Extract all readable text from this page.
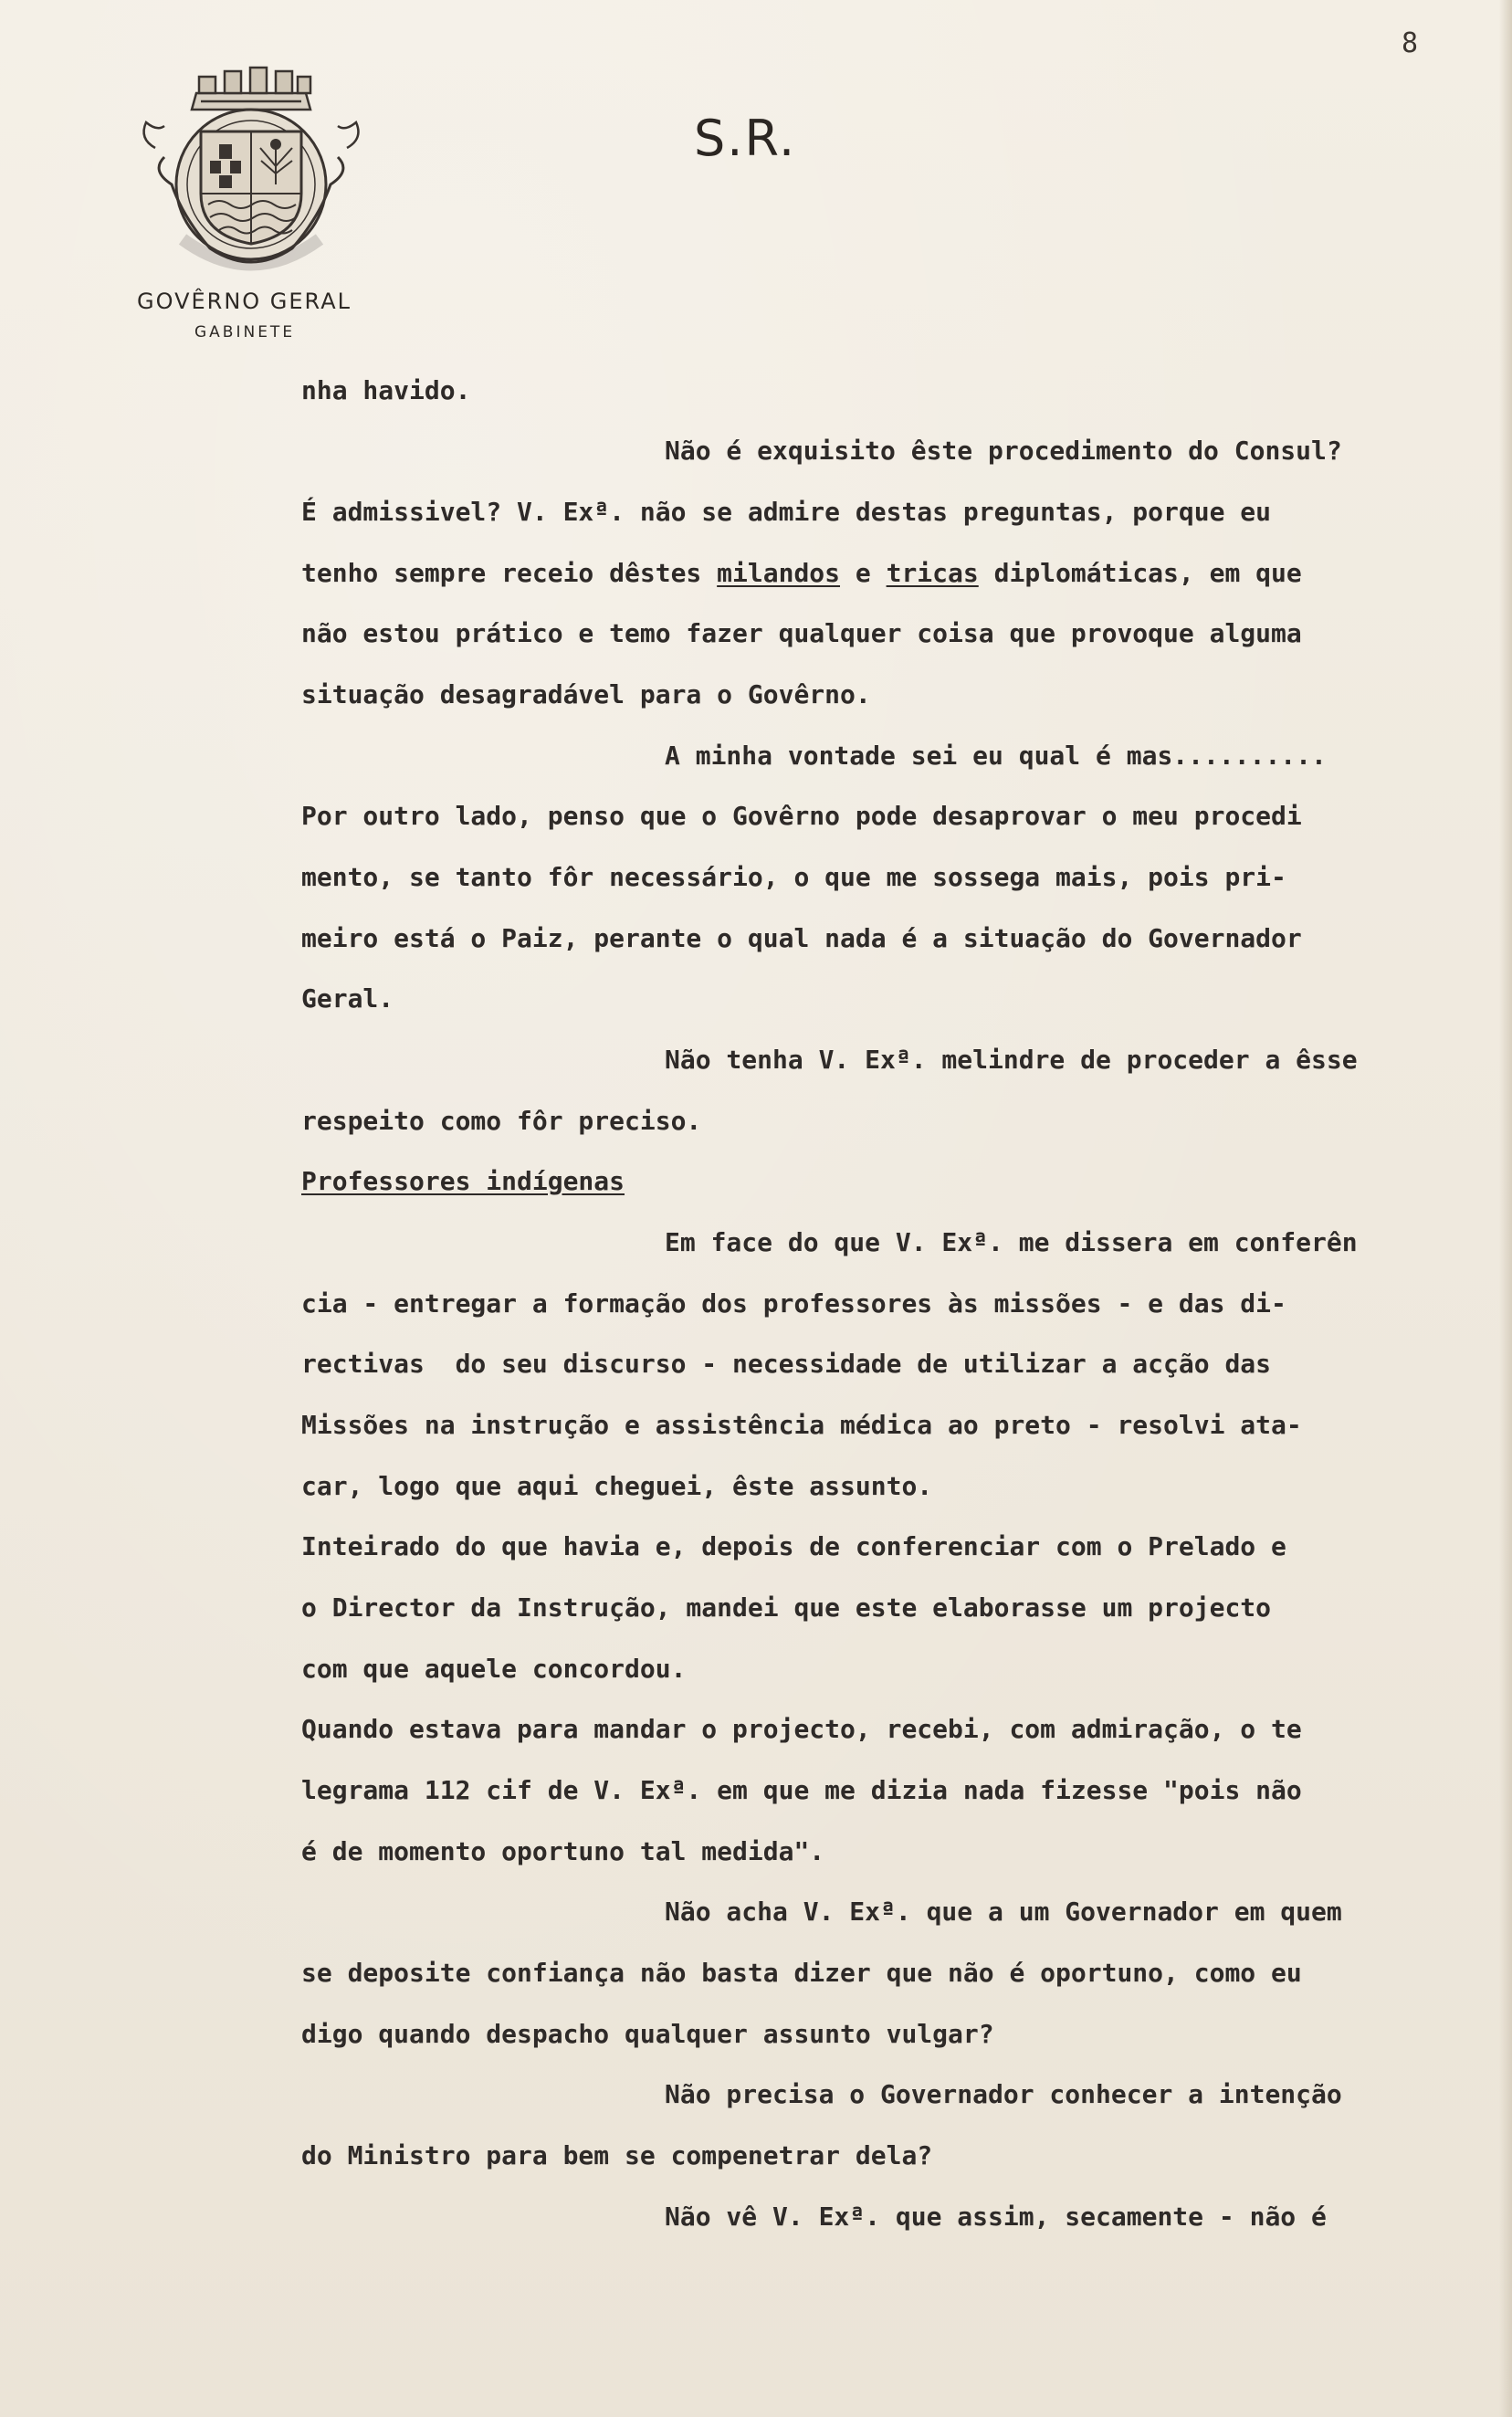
8
S.R.
GOVÊRNO GERAL
GABINETE
nha havido.
Não é exquisito êste procedimento do Consul?
É admissivel? V. Exª. não se admire destas preguntas, porque eu
tenho sempre receio dêstes milandos e tricas diplomáticas, em que
não estou prático e temo fazer qualquer coisa que provoque alguma
situação desagradável para o Govêrno.
A minha vontade sei eu qual é mas..........
Por outro lado, penso que o Govêrno pode desaprovar o meu procedi
mento, se tanto fôr necessário, o que me sossega mais, pois pri-
meiro está o Paiz, perante o qual nada é a situação do Governador
Geral.
Não tenha V. Exª. melindre de proceder a êsse
respeito como fôr preciso.
Professores indígenas
Em face do que V. Exª. me dissera em conferên
cia - entregar a formação dos professores às missões - e das di-
rectivas  do seu discurso - necessidade de utilizar a acção das
Missões na instrução e assistência médica ao preto - resolvi ata-
car, logo que aqui cheguei, êste assunto.
Inteirado do que havia e, depois de conferenciar com o Prelado e
o Director da Instrução, mandei que este elaborasse um projecto
com que aquele concordou.
Quando estava para mandar o projecto, recebi, com admiração, o te
legrama 112 cif de V. Exª. em que me dizia nada fizesse "pois não
é de momento oportuno tal medida".
Não acha V. Exª. que a um Governador em quem
se deposite confiança não basta dizer que não é oportuno, como eu
digo quando despacho qualquer assunto vulgar?
Não precisa o Governador conhecer a intenção
do Ministro para bem se compenetrar dela?
Não vê V. Exª. que assim, secamente - não é
